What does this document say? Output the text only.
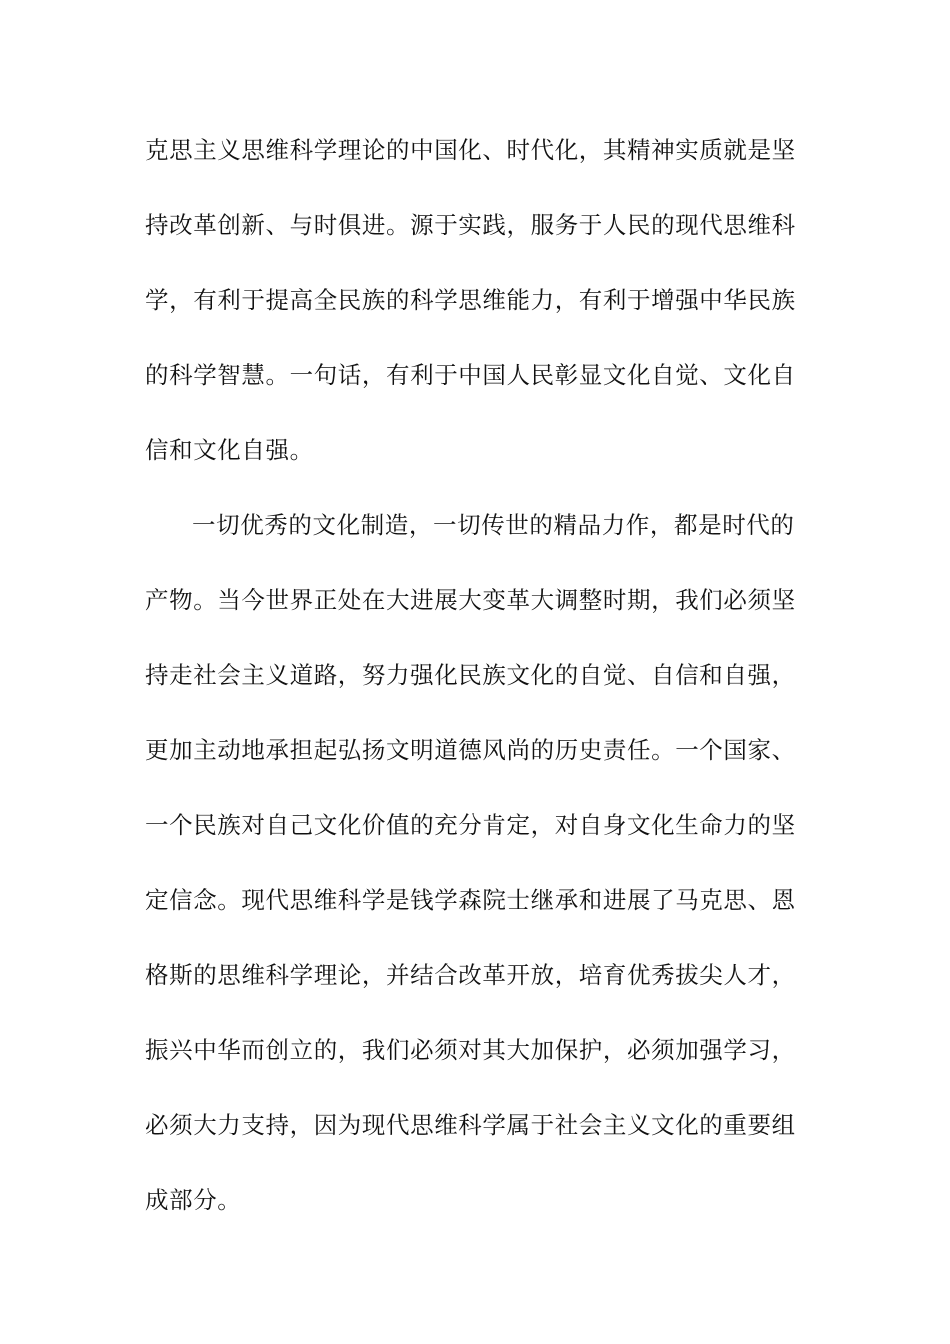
克思主义思维科学理论的中国化、时代化，其精神实质就是坚
持改革创新、与时俱进。源于实践，服务于人民的现代思维科
学，有利于提高全民族的科学思维能力，有利于增强中华民族
的科学智慧。一句话，有利于中国人民彰显文化自觉、文化自
信和文化自强。
一切优秀的文化制造，一切传世的精品力作，都是时代的
产物。当今世界正处在大进展大变革大调整时期，我们必须坚
持走社会主义道路，努力强化民族文化的自觉、自信和自强，
更加主动地承担起弘扬文明道德风尚的历史责任。一个国家、
一个民族对自己文化价值的充分肯定，对自身文化生命力的坚
定信念。现代思维科学是钱学森院士继承和进展了马克思、恩
格斯的思维科学理论，并结合改革开放，培育优秀拔尖人才，
振兴中华而创立的，我们必须对其大加保护，必须加强学习，
必须大力支持，因为现代思维科学属于社会主义文化的重要组
成部分。
